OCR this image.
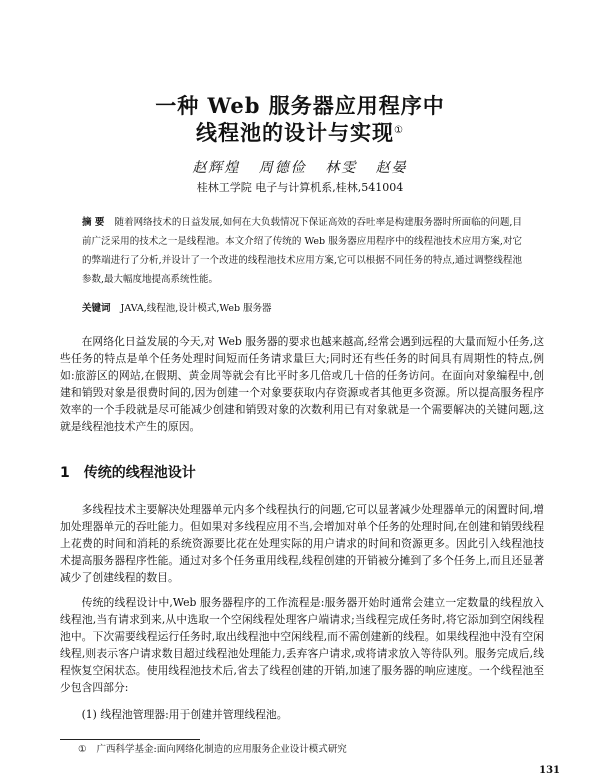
一种 Web 服务器应用程序中
线程池的设计与实现①
赵辉煌 周德俭 林雯 赵晏
桂林工学院 电子与计算机系,桂林,541004
摘 要 随着网络技术的日益发展,如何在大负载情况下保证高效的吞吐率是构建服务器时所面临的问题,目前广泛采用的技术之一是线程池。本文介绍了传统的 Web 服务器应用程序中的线程池技术应用方案,对它的弊端进行了分析,并设计了一个改进的线程池技术应用方案,它可以根据不同任务的特点,通过调整线程池参数,最大幅度地提高系统性能。
关键词 JAVA,线程池,设计模式,Web 服务器

在网络化日益发展的今天,对 Web 服务器的要求也越来越高,经常会遇到远程的大量而短小任务,这些任务的特点是单个任务处理时间短而任务请求量巨大;同时还有些任务的时间具有周期性的特点,例如:旅游区的网站,在假期、黄金周等就会有比平时多几倍或几十倍的任务访问。在面向对象编程中,创建和销毁对象是很费时间的,因为创建一个对象要获取内存资源或者其他更多资源。所以提高服务程序效率的一个手段就是尽可能减少创建和销毁对象的次数利用已有对象就是一个需要解决的关键问题,这就是线程池技术产生的原因。

1 传统的线程池设计

多线程技术主要解决处理器单元内多个线程执行的问题,它可以显著减少处理器单元的闲置时间,增加处理器单元的吞吐能力。但如果对多线程应用不当,会增加对单个任务的处理时间,在创建和销毁线程上花费的时间和消耗的系统资源要比花在处理实际的用户请求的时间和资源更多。因此引入线程池技术提高服务器程序性能。通过对多个任务重用线程,线程创建的开销被分摊到了多个任务上,而且还显著减少了创建线程的数目。

传统的线程设计中,Web 服务器程序的工作流程是:服务器开始时通常会建立一定数量的线程放入线程池,当有请求到来,从中选取一个空闲线程处理客户端请求;当线程完成任务时,将它添加到空闲线程池中。下次需要线程运行任务时,取出线程池中空闲线程,而不需创建新的线程。如果线程池中没有空闲线程,则表示客户请求数目超过线程池处理能力,丢弃客户请求,或将请求放入等待队列。服务完成后,线程恢复空闲状态。使用线程池技术后,省去了线程创建的开销,加速了服务器的响应速度。一个线程池至少包含四部分:

(1) 线程池管理器:用于创建并管理线程池。
① 广西科学基金:面向网络化制造的应用服务企业设计模式研究
131
